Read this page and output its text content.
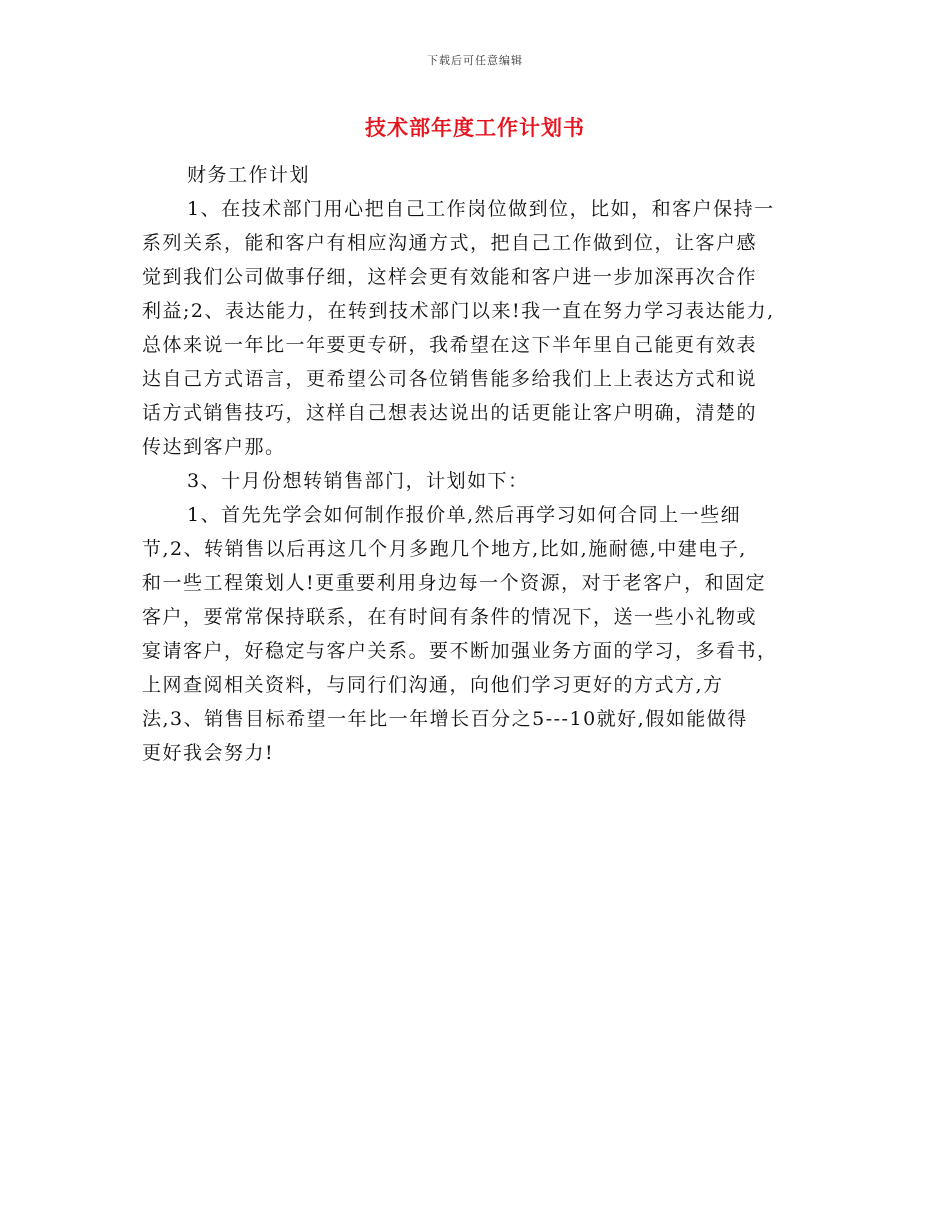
下载后可任意编辑
技术部年度工作计划书
财务工作计划
1、在技术部门用心把自己工作岗位做到位，比如，和客户保持一
系列关系，能和客户有相应沟通方式，把自己工作做到位，让客户感
觉到我们公司做事仔细，这样会更有效能和客户进一步加深再次合作
利益;2、表达能力，在转到技术部门以来!我一直在努力学习表达能力,
总体来说一年比一年要更专研，我希望在这下半年里自己能更有效表
达自己方式语言，更希望公司各位销售能多给我们上上表达方式和说
话方式销售技巧，这样自己想表达说出的话更能让客户明确，清楚的
传达到客户那。
3、十月份想转销售部门，计划如下：
1、首先先学会如何制作报价单,然后再学习如何合同上一些细
节,2、转销售以后再这几个月多跑几个地方,比如,施耐德,中建电子,
和一些工程策划人!更重要利用身边每一个资源，对于老客户，和固定
客户，要常常保持联系，在有时间有条件的情况下，送一些小礼物或
宴请客户，好稳定与客户关系。要不断加强业务方面的学习，多看书，
上网查阅相关资料，与同行们沟通，向他们学习更好的方式方,方
法,3、销售目标希望一年比一年增长百分之5---10就好,假如能做得
更好我会努力!
